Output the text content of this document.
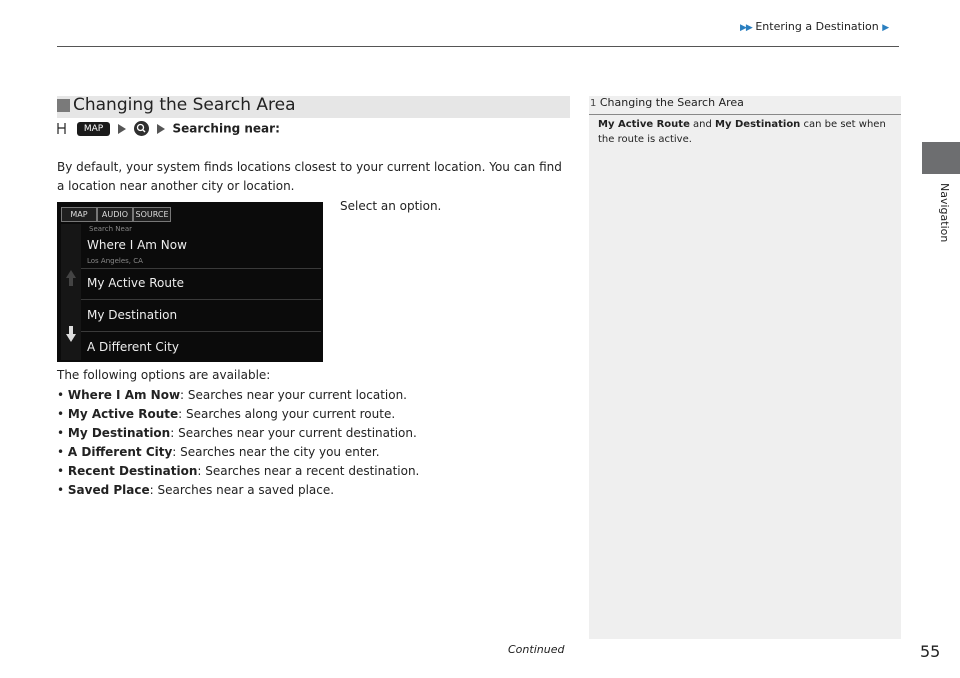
▶▶ Entering a Destination ▶
Navigation
Changing the Search Area
MAP	Searching near:
By default, your system finds locations closest to your current location. You can find a location near another city or location.
Select an option.
MAP	AUDIO SOURCE
Search Near
Where I Am Now
Los Angeles, CA
My Active Route
My Destination
A Different City
The following options are available:
• Where I Am Now: Searches near your current location.
• My Active Route: Searches along your current route.
• My Destination: Searches near your current destination.
• A Different City: Searches near the city you enter.
• Recent Destination: Searches near a recent destination.
• Saved Place: Searches near a saved place.
1 Changing the Search Area
My Active Route and My Destination can be set when the route is active.
Continued	55
